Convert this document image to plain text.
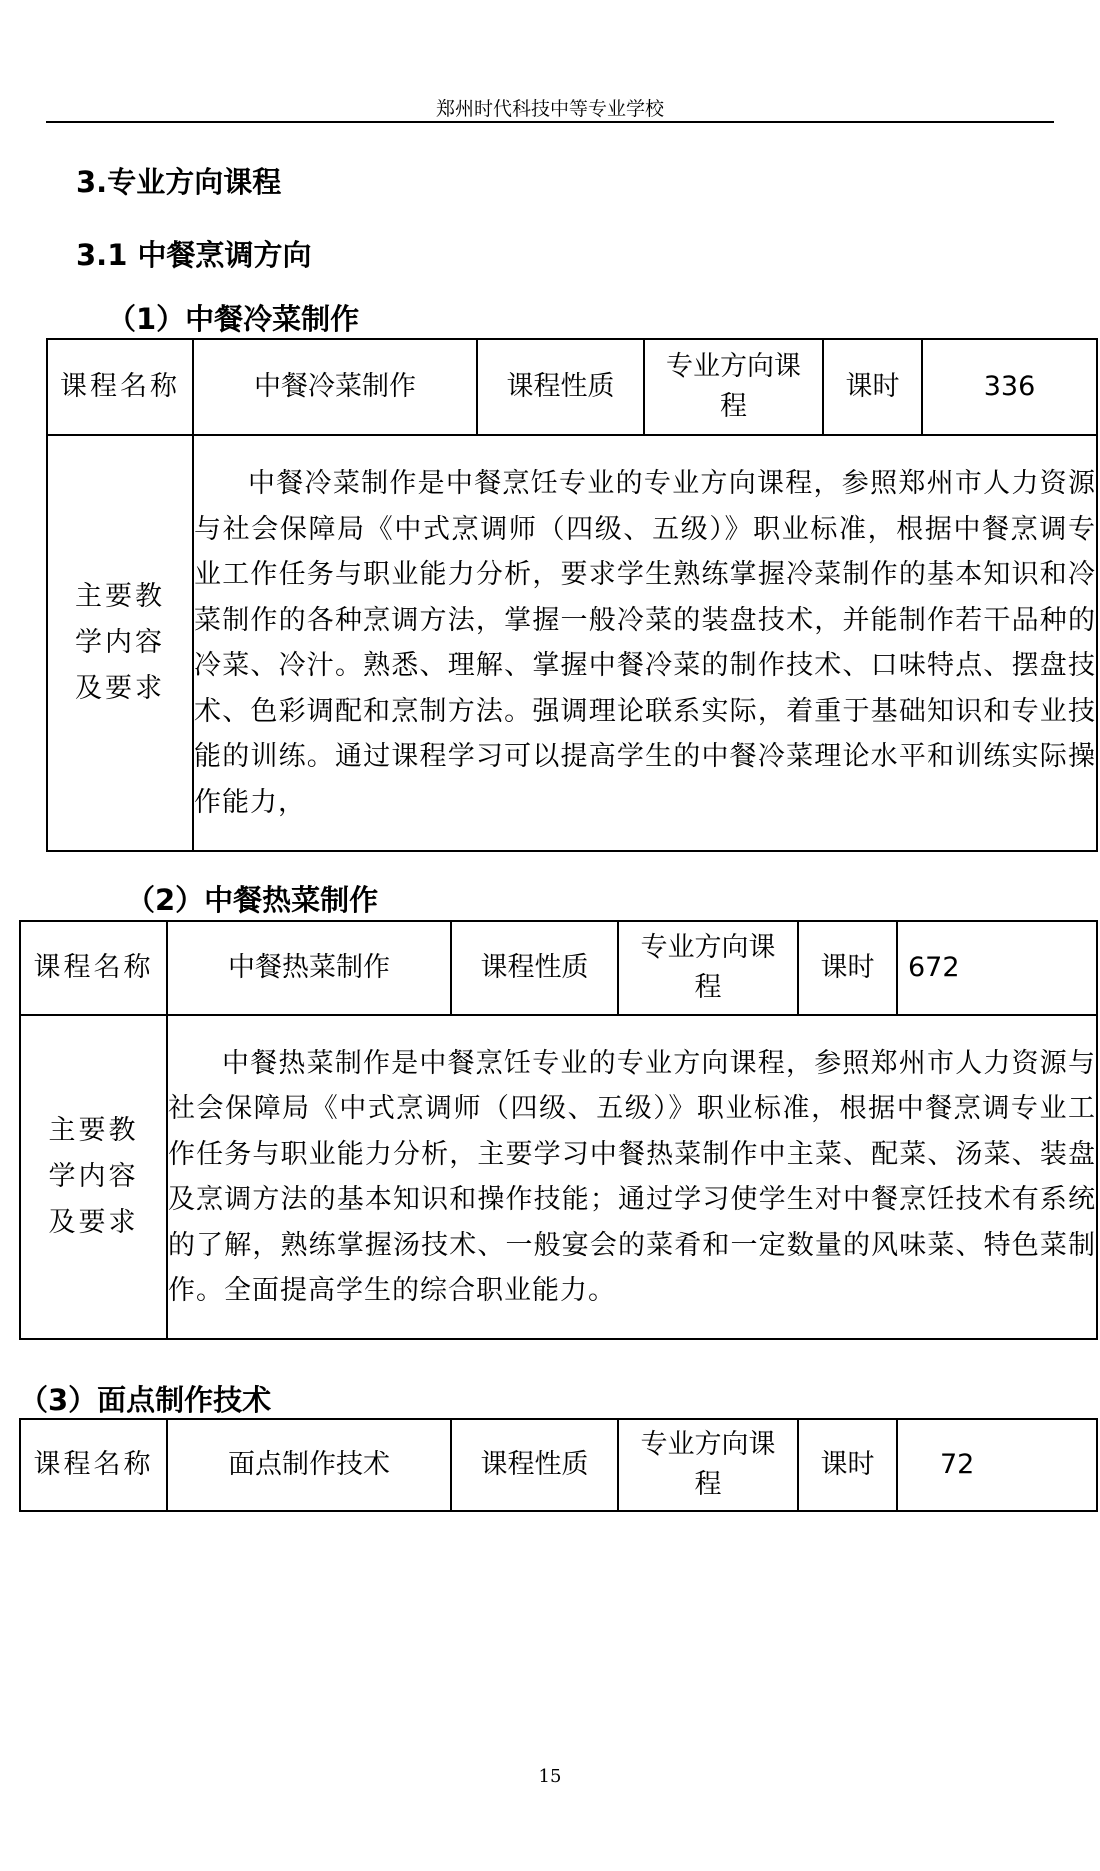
郑州时代科技中等专业学校
3.专业方向课程
3.1 中餐烹调方向
（1）中餐冷菜制作
课程名称	中餐冷菜制作	课程性质	专业方向课程	课时	336
主要教学内容及要求	中餐冷菜制作是中餐烹饪专业的专业方向课程，参照郑州市人力资源与社会保障局《中式烹调师（四级、五级）》职业标准，根据中餐烹调专业工作任务与职业能力分析，要求学生熟练掌握冷菜制作的基本知识和冷菜制作的各种烹调方法，掌握一般冷菜的装盘技术，并能制作若干品种的冷菜、冷汁。熟悉、理解、掌握中餐冷菜的制作技术、口味特点、摆盘技术、色彩调配和烹制方法。强调理论联系实际，着重于基础知识和专业技能的训练。通过课程学习可以提高学生的中餐冷菜理论水平和训练实际操作能力，				

（2）中餐热菜制作
课程名称	中餐热菜制作	课程性质	专业方向课程	课时	672
主要教学内容及要求	中餐热菜制作是中餐烹饪专业的专业方向课程，参照郑州市人力资源与社会保障局《中式烹调师（四级、五级）》职业标准，根据中餐烹调专业工作任务与职业能力分析，主要学习中餐热菜制作中主菜、配菜、汤菜、装盘及烹调方法的基本知识和操作技能；通过学习使学生对中餐烹饪技术有系统的了解，熟练掌握汤技术、一般宴会的菜肴和一定数量的风味菜、特色菜制作。全面提高学生的综合职业能力。				

（3）面点制作技术
课程名称	面点制作技术	课程性质	专业方向课程	课时	72
15
